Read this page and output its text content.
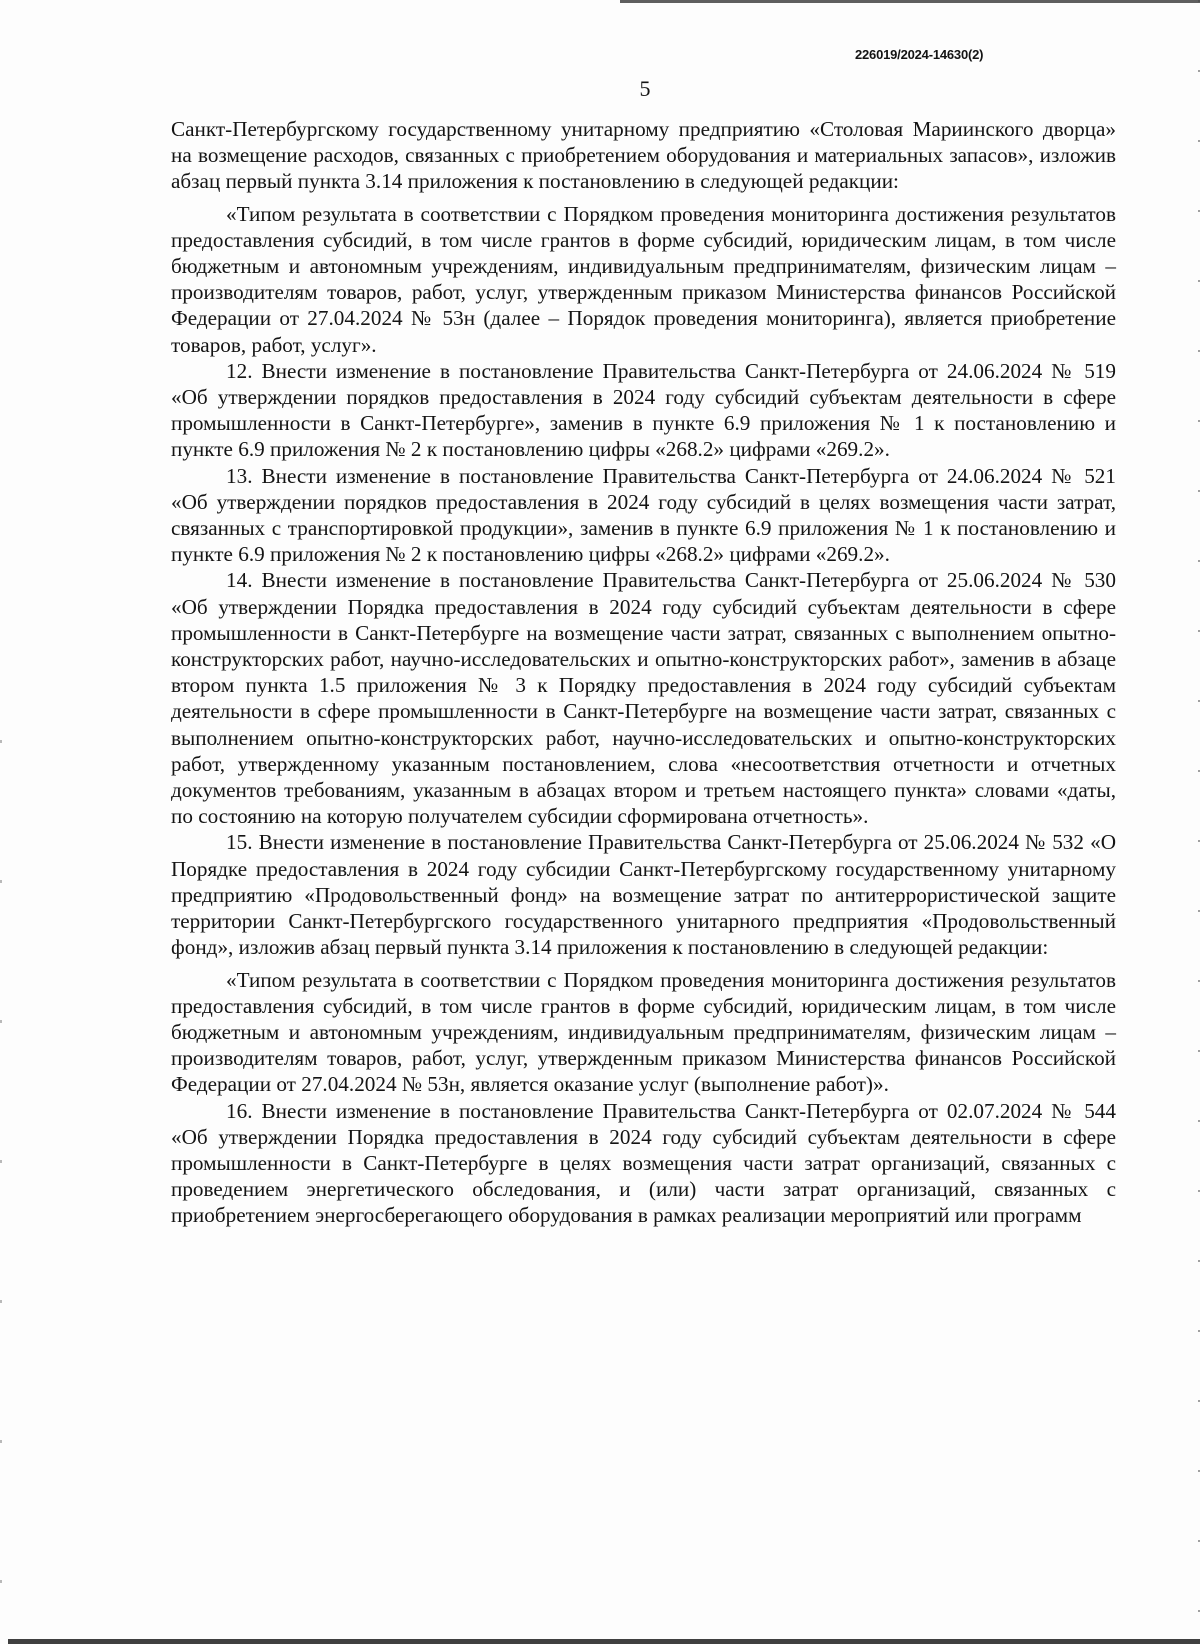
226019/2024-14630(2)
5

Санкт-Петербургскому государственному унитарному предприятию «Столовая Мариинского дворца» на возмещение расходов, связанных с приобретением оборудования и материальных запасов», изложив абзац первый пункта 3.14 приложения к постановлению в следующей редакции:

«Типом результата в соответствии с Порядком проведения мониторинга достижения результатов предоставления субсидий, в том числе грантов в форме субсидий, юридическим лицам, в том числе бюджетным и автономным учреждениям, индивидуальным предпринимателям, физическим лицам – производителям товаров, работ, услуг, утвержденным приказом Министерства финансов Российской Федерации от 27.04.2024 № 53н (далее – Порядок проведения мониторинга), является приобретение товаров, работ, услуг».

12. Внести изменение в постановление Правительства Санкт-Петербурга от 24.06.2024 № 519 «Об утверждении порядков предоставления в 2024 году субсидий субъектам деятельности в сфере промышленности в Санкт-Петербурге», заменив в пункте 6.9 приложения № 1 к постановлению и пункте 6.9 приложения № 2 к постановлению цифры «268.2» цифрами «269.2».

13. Внести изменение в постановление Правительства Санкт-Петербурга от 24.06.2024 № 521 «Об утверждении порядков предоставления в 2024 году субсидий в целях возмещения части затрат, связанных с транспортировкой продукции», заменив в пункте 6.9 приложения № 1 к постановлению и пункте 6.9 приложения № 2 к постановлению цифры «268.2» цифрами «269.2».

14. Внести изменение в постановление Правительства Санкт-Петербурга от 25.06.2024 № 530 «Об утверждении Порядка предоставления в 2024 году субсидий субъектам деятельности в сфере промышленности в Санкт-Петербурге на возмещение части затрат, связанных с выполнением опытно-конструкторских работ, научно-исследовательских и опытно-конструкторских работ», заменив в абзаце втором пункта 1.5 приложения № 3 к Порядку предоставления в 2024 году субсидий субъектам деятельности в сфере промышленности в Санкт-Петербурге на возмещение части затрат, связанных с выполнением опытно-конструкторских работ, научно-исследовательских и опытно-конструкторских работ, утвержденному указанным постановлением, слова «несоответствия отчетности и отчетных документов требованиям, указанным в абзацах втором и третьем настоящего пункта» словами «даты, по состоянию на которую получателем субсидии сформирована отчетность».

15. Внести изменение в постановление Правительства Санкт-Петербурга от 25.06.2024 № 532 «О Порядке предоставления в 2024 году субсидии Санкт-Петербургскому государственному унитарному предприятию «Продовольственный фонд» на возмещение затрат по антитеррористической защите территории Санкт-Петербургского государственного унитарного предприятия «Продовольственный фонд», изложив абзац первый пункта 3.14 приложения к постановлению в следующей редакции:

«Типом результата в соответствии с Порядком проведения мониторинга достижения результатов предоставления субсидий, в том числе грантов в форме субсидий, юридическим лицам, в том числе бюджетным и автономным учреждениям, индивидуальным предпринимателям, физическим лицам – производителям товаров, работ, услуг, утвержденным приказом Министерства финансов Российской Федерации от 27.04.2024 № 53н, является оказание услуг (выполнение работ)».

16. Внести изменение в постановление Правительства Санкт-Петербурга от 02.07.2024 № 544 «Об утверждении Порядка предоставления в 2024 году субсидий субъектам деятельности в сфере промышленности в Санкт-Петербурге в целях возмещения части затрат организаций, связанных с проведением энергетического обследования, и (или) части затрат организаций, связанных с приобретением энергосберегающего оборудования в рамках реализации мероприятий или программ
